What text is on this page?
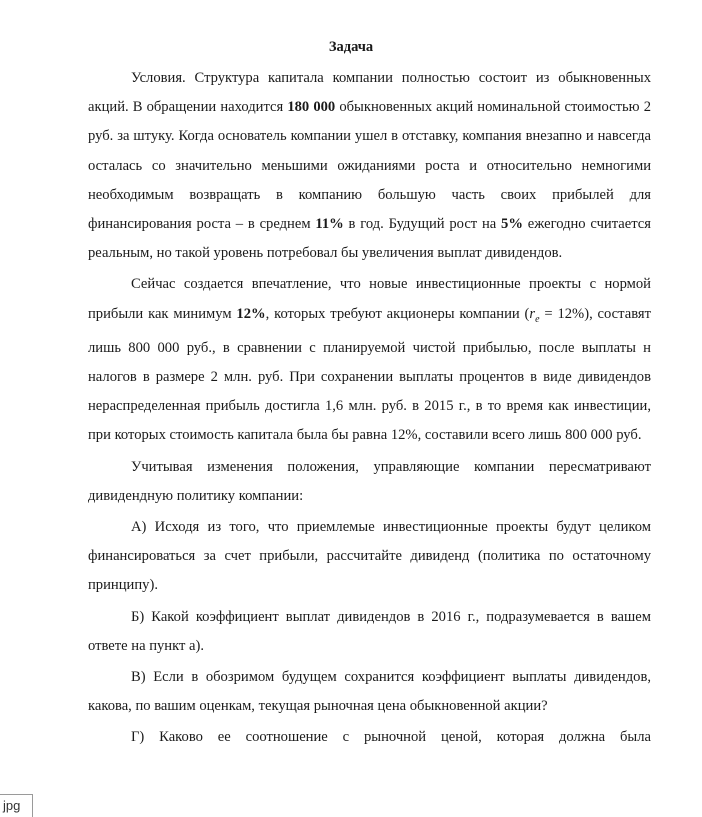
Задача

Условия. Структура капитала компании полностью состоит из обыкновенных акций. В обращении находится 180 000 обыкновенных акций номинальной стоимостью 2 руб. за штуку. Когда основатель компании ушел в отставку, компания внезапно и навсегда осталась со значительно меньшими ожиданиями роста и относительно немногими необходимым возвращать в компанию большую часть своих прибылей для финансирования роста – в среднем 11% в год. Будущий рост на 5% ежегодно считается реальным, но такой уровень потребовал бы увеличения выплат дивидендов.

Сейчас создается впечатление, что новые инвестиционные проекты с нормой прибыли как минимум 12%, которых требуют акционеры компании $(r_e = 12\%)$, составят лишь 800 000 руб., в сравнении с планируемой чистой прибылью, после выплаты н налогов в размере 2 млн. руб. При сохранении выплаты процентов в виде дивидендов нераспределенная прибыль достигла 1,6 млн. руб. в 2015 г., в то время как инвестиции, при которых стоимость капитала была бы равна 12%, составили всего лишь 800 000 руб.

Учитывая изменения положения, управляющие компании пересматривают дивидендную политику компании:

А) Исходя из того, что приемлемые инвестиционные проекты будут целиком финансироваться за счет прибыли, рассчитайте дивиденд (политика по остаточному принципу).

Б) Какой коэффициент выплат дивидендов в 2016 г., подразумевается в вашем ответе на пункт а).

В) Если в обозримом будущем сохранится коэффициент выплаты дивидендов, какова, по вашим оценкам, текущая рыночная цена обыкновенной акции?

Г) Каково ее соотношение с рыночной ценой, которая должна была

jpg
